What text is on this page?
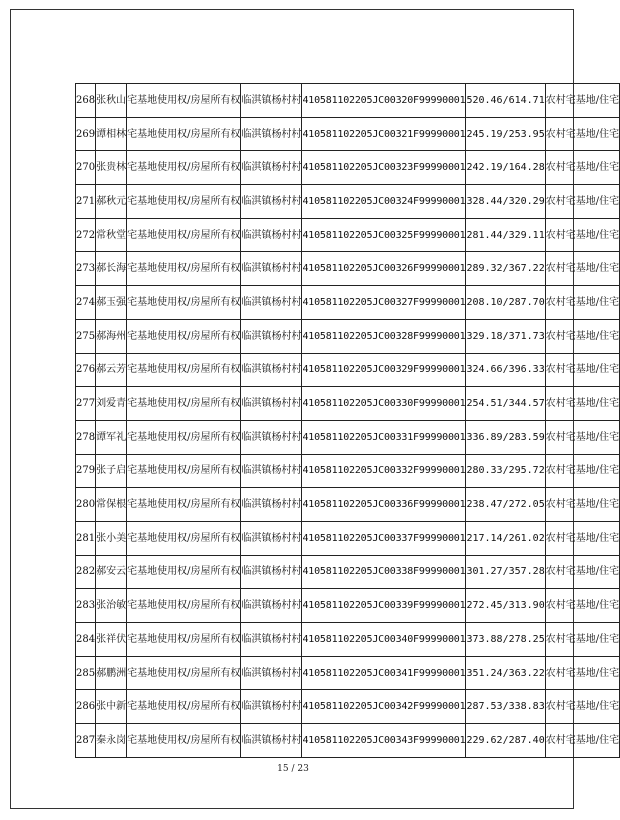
268	张秋山	宅基地使用权/房屋所有权	临淇镇杨村村	410581102205JC00320F99990001	520.46/614.71	农村宅基地/住宅
269	谭相林	宅基地使用权/房屋所有权	临淇镇杨村村	410581102205JC00321F99990001	245.19/253.95	农村宅基地/住宅
270	张贵林	宅基地使用权/房屋所有权	临淇镇杨村村	410581102205JC00323F99990001	242.19/164.28	农村宅基地/住宅
271	郝秋元	宅基地使用权/房屋所有权	临淇镇杨村村	410581102205JC00324F99990001	328.44/320.29	农村宅基地/住宅
272	常秋堂	宅基地使用权/房屋所有权	临淇镇杨村村	410581102205JC00325F99990001	281.44/329.11	农村宅基地/住宅
273	郝长海	宅基地使用权/房屋所有权	临淇镇杨村村	410581102205JC00326F99990001	289.32/367.22	农村宅基地/住宅
274	郝玉强	宅基地使用权/房屋所有权	临淇镇杨村村	410581102205JC00327F99990001	208.10/287.70	农村宅基地/住宅
275	郝海州	宅基地使用权/房屋所有权	临淇镇杨村村	410581102205JC00328F99990001	329.18/371.73	农村宅基地/住宅
276	郝云芳	宅基地使用权/房屋所有权	临淇镇杨村村	410581102205JC00329F99990001	324.66/396.33	农村宅基地/住宅
277	刘爱青	宅基地使用权/房屋所有权	临淇镇杨村村	410581102205JC00330F99990001	254.51/344.57	农村宅基地/住宅
278	谭军礼	宅基地使用权/房屋所有权	临淇镇杨村村	410581102205JC00331F99990001	336.89/283.59	农村宅基地/住宅
279	张子启	宅基地使用权/房屋所有权	临淇镇杨村村	410581102205JC00332F99990001	280.33/295.72	农村宅基地/住宅
280	常保根	宅基地使用权/房屋所有权	临淇镇杨村村	410581102205JC00336F99990001	238.47/272.05	农村宅基地/住宅
281	张小美	宅基地使用权/房屋所有权	临淇镇杨村村	410581102205JC00337F99990001	217.14/261.02	农村宅基地/住宅
282	郝安云	宅基地使用权/房屋所有权	临淇镇杨村村	410581102205JC00338F99990001	301.27/357.28	农村宅基地/住宅
283	张治敏	宅基地使用权/房屋所有权	临淇镇杨村村	410581102205JC00339F99990001	272.45/313.90	农村宅基地/住宅
284	张祥伏	宅基地使用权/房屋所有权	临淇镇杨村村	410581102205JC00340F99990001	373.88/278.25	农村宅基地/住宅
285	郝鹏洲	宅基地使用权/房屋所有权	临淇镇杨村村	410581102205JC00341F99990001	351.24/363.22	农村宅基地/住宅
286	张中新	宅基地使用权/房屋所有权	临淇镇杨村村	410581102205JC00342F99990001	287.53/338.83	农村宅基地/住宅
287	秦永岗	宅基地使用权/房屋所有权	临淇镇杨村村	410581102205JC00343F99990001	229.62/287.40	农村宅基地/住宅
15 / 23
